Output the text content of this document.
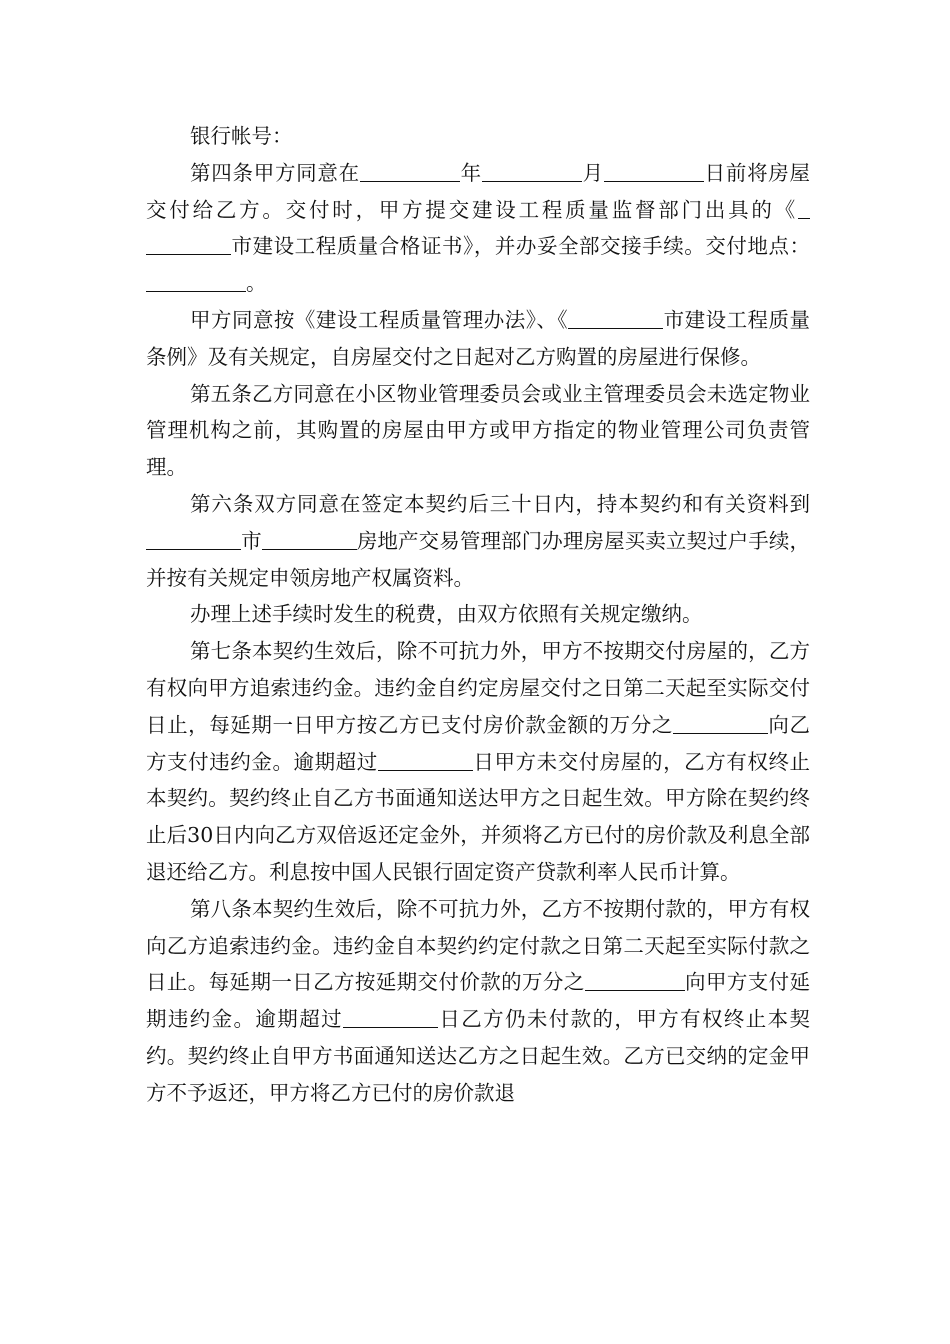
银行帐号：

第四条甲方同意在	年	月	日前将房屋交付给乙方。交付时，甲方提交建设工程质量监督部门出具的《市建设工程质量合格证书》，并办妥全部交接手续。交付地点：。

甲方同意按《建设工程质量管理办法》、《	市建设工程质量条例》及有关规定，自房屋交付之日起对乙方购置的房屋进行保修。

第五条乙方同意在小区物业管理委员会或业主管理委员会未选定物业管理机构之前，其购置的房屋由甲方或甲方指定的物业管理公司负责管理。

第六条双方同意在签定本契约后三十日内，持本契约和有关资料到市	房地产交易管理部门办理房屋买卖立契过户手续，并按有关规定申领房地产权属资料。

办理上述手续时发生的税费，由双方依照有关规定缴纳。

第七条本契约生效后，除不可抗力外，甲方不按期交付房屋的，乙方有权向甲方追索违约金。违约金自约定房屋交付之日第二天起至实际交付日止，每延期一日甲方按乙方已支付房价款金额的万分之	向乙方支付违约金。逾期超过	日甲方未交付房屋的，乙方有权终止本契约。契约终止自乙方书面通知送达甲方之日起生效。甲方除在契约终止后30日内向乙方双倍返还定金外，并须将乙方已付的房价款及利息全部退还给乙方。利息按中国人民银行固定资产贷款利率人民币计算。

第八条本契约生效后，除不可抗力外，乙方不按期付款的，甲方有权向乙方追索违约金。违约金自本契约约定付款之日第二天起至实际付款之日止。每延期一日乙方按延期交付价款的万分之	向甲方支付延期违约金。逾期超过	日乙方仍未付款的，甲方有权终止本契约。契约终止自甲方书面通知送达乙方之日起生效。乙方已交纳的定金甲方不予返还，甲方将乙方已付的房价款退
